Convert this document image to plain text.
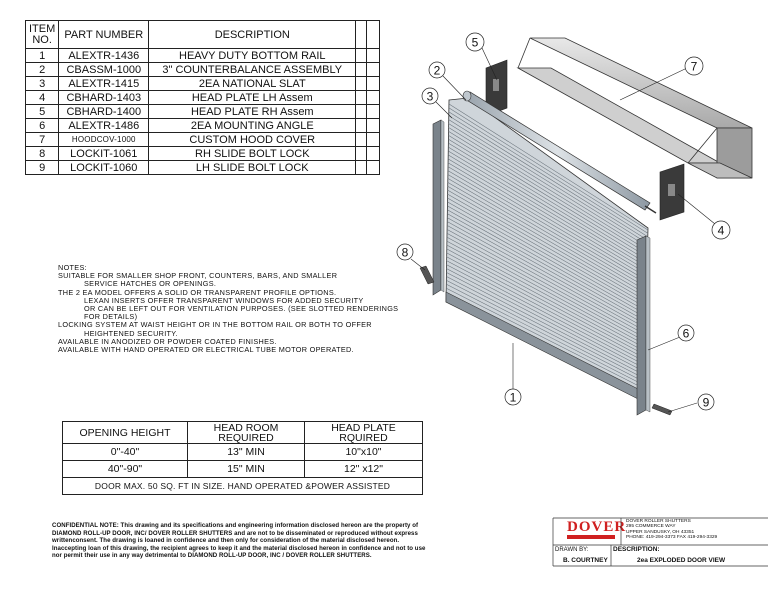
ITEM
NO.	PART NUMBER	DESCRIPTION		
1	ALEXTR-1436	HEAVY DUTY BOTTOM RAIL		
2	CBASSM-1000	3" COUNTERBALANCE ASSEMBLY		
3	ALEXTR-1415	2EA NATIONAL SLAT		
4	CBHARD-1403	HEAD PLATE LH Assem		
5	CBHARD-1400	HEAD PLATE RH Assem		
6	ALEXTR-1486	2EA MOUNTING ANGLE		
7	HOODCOV-1000	CUSTOM HOOD COVER		
8	LOCKIT-1061	RH SLIDE BOLT LOCK		
9	LOCKIT-1060	LH SLIDE BOLT LOCK		
NOTES:
SUITABLE FOR SMALLER SHOP FRONT, COUNTERS, BARS, AND SMALLER
SERVICE HATCHES OR OPENINGS.
THE 2 EA MODEL OFFERS A SOLID OR TRANSPARENT PROFILE OPTIONS.
LEXAN INSERTS OFFER TRANSPARENT WINDOWS FOR ADDED SECURITY
OR CAN BE LEFT OUT FOR VENTILATION PURPOSES. (SEE SLOTTED RENDERINGS
FOR DETAILS)
LOCKING SYSTEM AT WAIST HEIGHT OR IN THE BOTTOM RAIL OR BOTH TO OFFER
HEIGHTENED SECURITY.
AVAILABLE IN ANODIZED OR POWDER COATED FINISHES.
AVAILABLE WITH HAND OPERATED OR ELECTRICAL TUBE MOTOR OPERATED.
OPENING HEIGHT	HEAD ROOM REQUIRED	HEAD PLATE RQUIRED
0"-40"	13" MIN	10"x10"
40"-90"	15" MIN	12" x12"
DOOR MAX. 50 SQ. FT IN SIZE. HAND OPERATED &POWER ASSISTED		
CONFIDENTIAL NOTE: This drawing and its specifications and engineering information disclosed hereon are the property of
DIAMOND ROLL-UP DOOR, INC/ DOVER ROLLER SHUTTERS and are not to be disseminated or reproduced without express
writtenconsent. The drawing is loaned in confidence and then only for consideration of the material disclosed hereon.
Inaccepting loan of this drawing, the recipient agrees to keep it and the material disclosed hereon in confidence and not to use
nor permit their use in any way detrimental to DIAMOND ROLL-UP DOOR, INC / DOVER ROLLER SHUTTERS.
DOVER DOVER ROLLER SHUTTERS
295 COMMERCE WAY
UPPER SANDUSKY, OH 43351
PHONE: 419-294-3373 FAX 419-294-3329
DRAWN BY:	DESCRIPTION:
B. COURTNEY	2ea EXPLODED DOOR VIEW
5
2
3
7
4
8
6
1	9
